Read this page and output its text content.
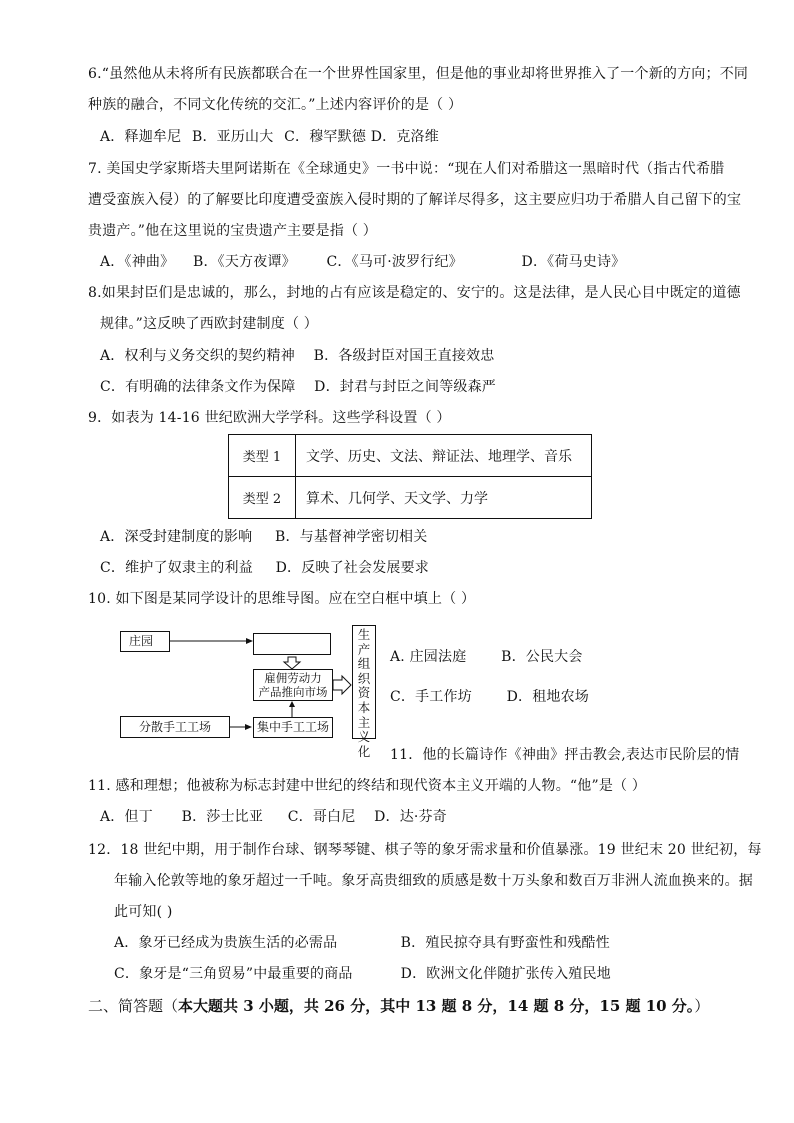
6.“虽然他从未将所有民族都联合在一个世界性国家里，但是他的事业却将世界推入了一个新的方向；不同
种族的融合，不同文化传统的交汇。”上述内容评价的是（ ）
A．释迦牟尼 B．亚历山大 C．穆罕默德 D．克洛维
7. 美国史学家斯塔夫里阿诺斯在《全球通史》一书中说：“现在人们对希腊这一黑暗时代（指古代希腊
遭受蛮族入侵）的了解要比印度遭受蛮族入侵时期的了解详尽得多，这主要应归功于希腊人自己留下的宝
贵遗产。”他在这里说的宝贵遗产主要是指（ ）
A．《神曲》 B．《天方夜谭》 C．《马可·波罗行纪》	D．《荷马史诗》
8.如果封臣们是忠诚的，那么，封地的占有应该是稳定的、安宁的。这是法律，是人民心目中既定的道德
规律。”这反映了西欧封建制度（ ）
A．权利与义务交织的契约精神 B．各级封臣对国王直接效忠
C．有明确的法律条文作为保障 D．封君与封臣之间等级森严
9．如表为 14-16 世纪欧洲大学学科。这些学科设置（ ）
类型 1	文学、历史、文法、辩证法、地理学、音乐
类型 2	算术、几何学、天文学、力学
A．深受封建制度的影响 B．与基督神学密切相关
C．维护了奴隶主的利益 D．反映了社会发展要求
10. 如下图是某同学设计的思维导图。应在空白框中填上（ ）
庄园
雇佣劳动力
产品推向市场
分散手工工场	集中手工工场
生产组织资本主义化
A. 庄园法庭 B．公民大会
C．手工作坊 D．租地农场
11．他的长篇诗作《神曲》抨击教会,表达市民阶层的情
11. 感和理想；他被称为标志封建中世纪的终结和现代资本主义开端的人物。“他”是（ ）
A．但丁 B．莎士比亚 C．哥白尼 D．达·芬奇
12．18 世纪中期，用于制作台球、钢琴琴键、棋子等的象牙需求量和价值暴涨。19 世纪末 20 世纪初，每
年输入伦敦等地的象牙超过一千吨。象牙高贵细致的质感是数十万头象和数百万非洲人流血换来的。据
此可知( )
A．象牙已经成为贵族生活的必需品	B．殖民掠夺具有野蛮性和残酷性
C．象牙是“三角贸易”中最重要的商品	D．欧洲文化伴随扩张传入殖民地
二、简答题（本大题共 3 小题，共 26 分，其中 13 题 8 分，14 题 8 分，15 题 10 分。）
